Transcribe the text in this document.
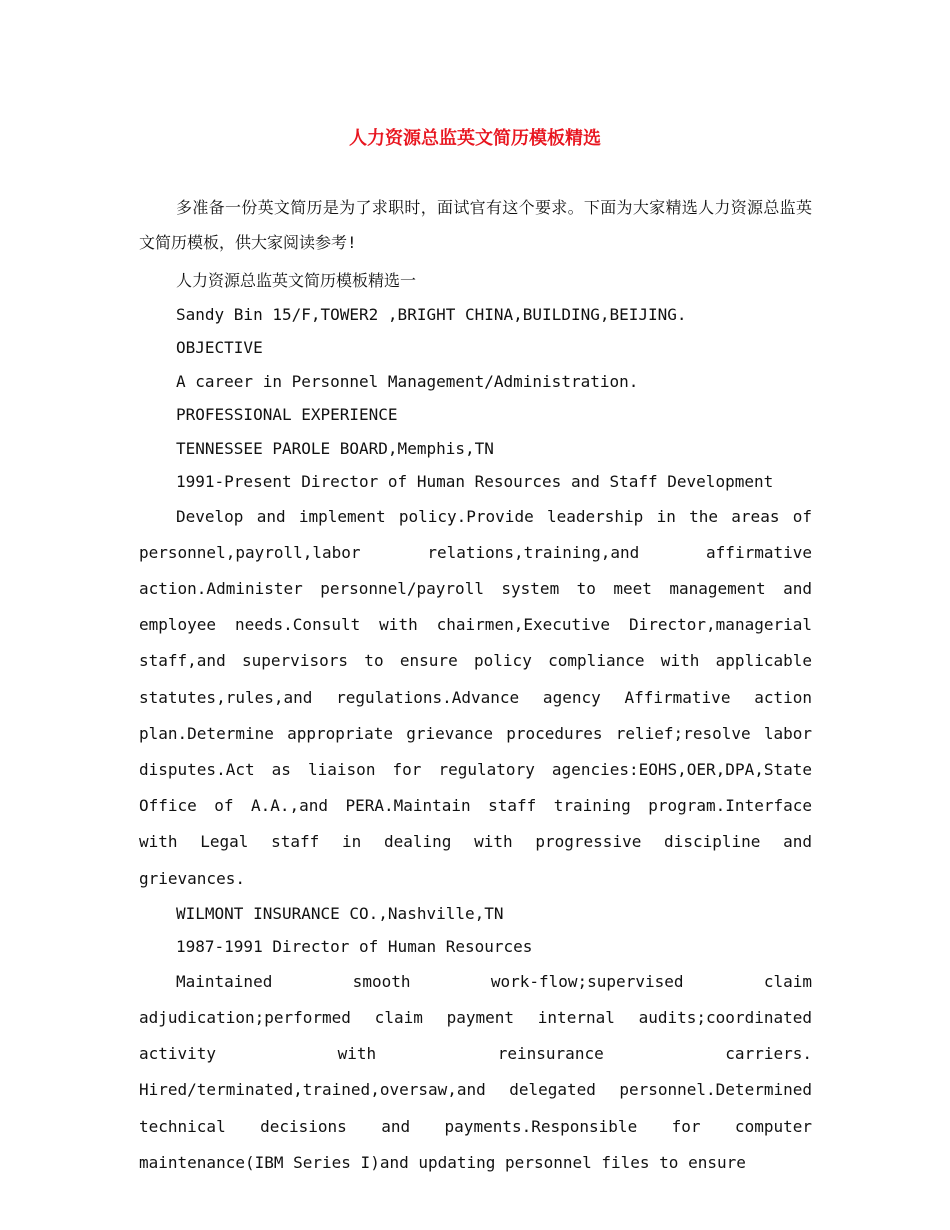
人力资源总监英文简历模板精选

多准备一份英文简历是为了求职时，面试官有这个要求。下面为大家精选人力资源总监英文简历模板，供大家阅读参考!

人力资源总监英文简历模板精选一

Sandy Bin 15/F,TOWER2 ,BRIGHT CHINA,BUILDING,BEIJING.

OBJECTIVE

A career in Personnel Management/Administration.

PROFESSIONAL EXPERIENCE

TENNESSEE PAROLE BOARD,Memphis,TN

1991-Present Director of Human Resources and Staff Development

Develop and implement policy.Provide leadership in the areas of personnel,payroll,labor relations,training,and affirmative action.Administer personnel/payroll system to meet management and employee needs.Consult with chairmen,Executive Director,managerial staff,and supervisors to ensure policy compliance with applicable statutes,rules,and regulations.Advance agency Affirmative action plan.Determine appropriate grievance procedures relief;resolve labor disputes.Act as liaison for regulatory agencies:EOHS,OER,DPA,State Office of A.A.,and PERA.Maintain staff training program.Interface with Legal staff in dealing with progressive discipline and grievances.

WILMONT INSURANCE CO.,Nashville,TN

1987-1991 Director of Human Resources

Maintained smooth work-flow;supervised claim adjudication;performed claim payment internal audits;coordinated activity with reinsurance carriers. Hired/terminated,trained,oversaw,and delegated personnel.Determined technical decisions and payments.Responsible for computer maintenance(IBM Series I)and updating personnel files to ensure
